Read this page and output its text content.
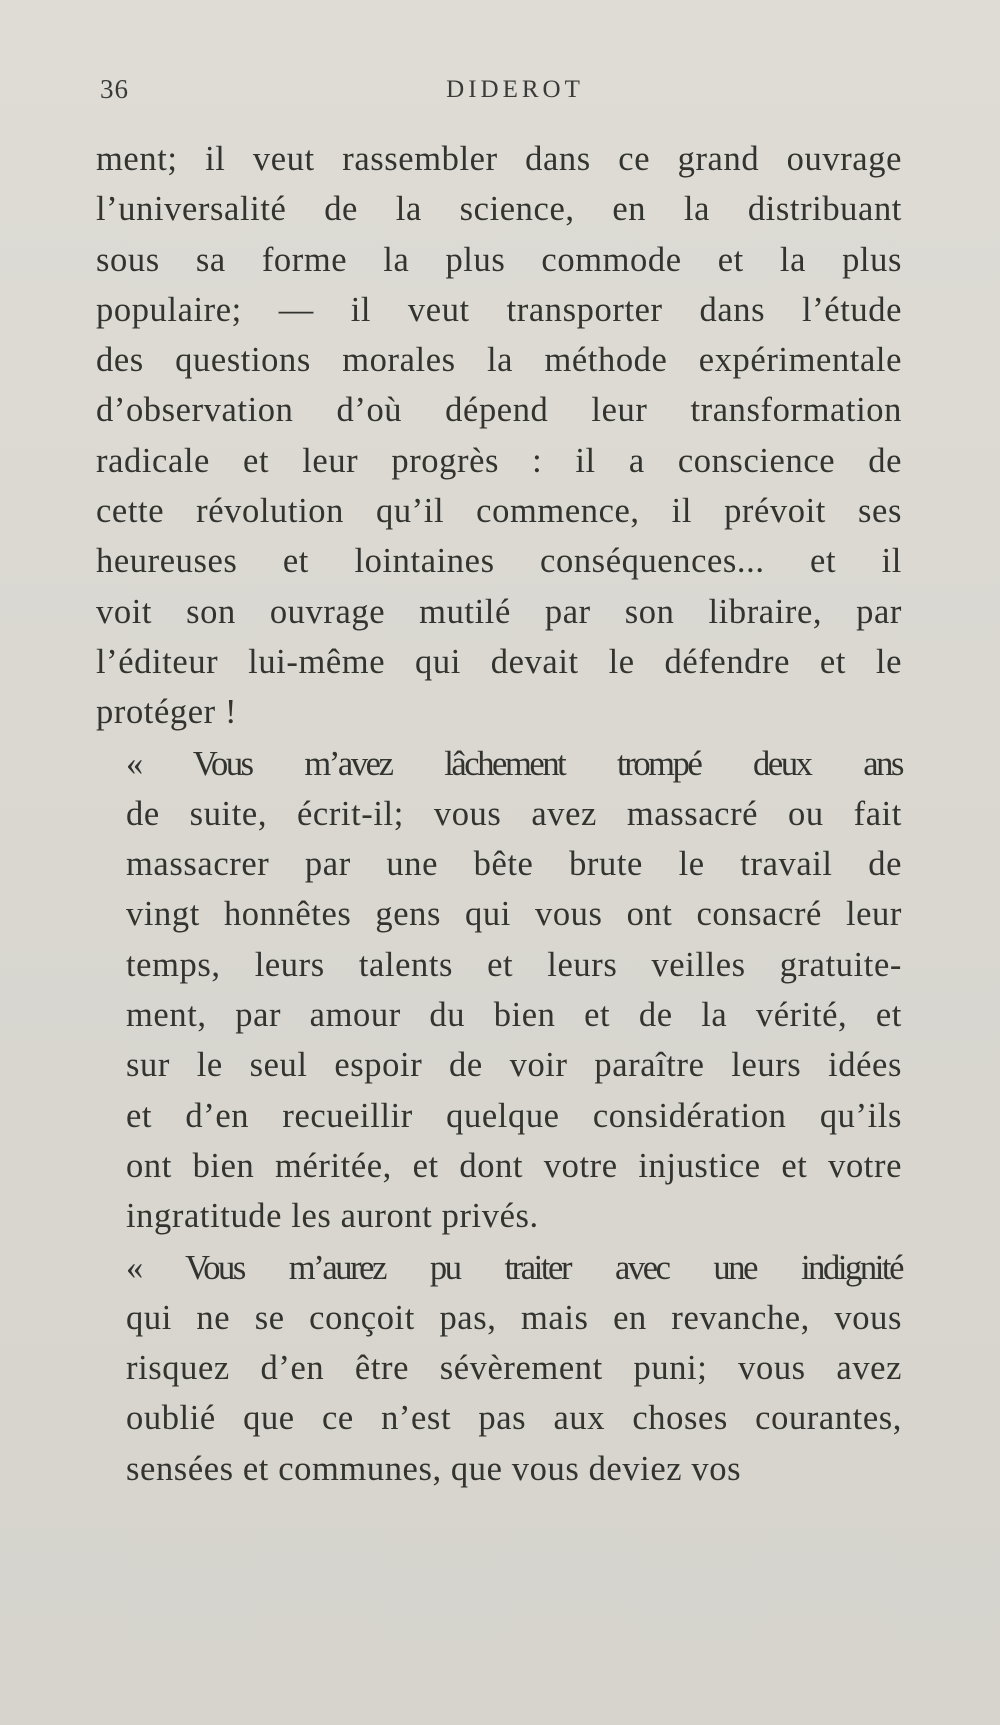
36	DIDEROT
ment; il veut rassembler dans ce grand ouvrage
l’universalité de la science, en la distribuant
sous sa forme la plus commode et la plus
populaire; — il veut transporter dans l’étude
des questions morales la méthode expérimentale
d’observation d’où dépend leur transformation
radicale et leur progrès : il a conscience de
cette révolution qu’il commence, il prévoit ses
heureuses et lointaines conséquences... et il
voit son ouvrage mutilé par son libraire, par
l’éditeur lui-même qui devait le défendre et le
protéger !
« Vous m’avez lâchement trompé deux ans
de suite, écrit-il; vous avez massacré ou fait
massacrer par une bête brute le travail de
vingt honnêtes gens qui vous ont consacré leur
temps, leurs talents et leurs veilles gratuite-
ment, par amour du bien et de la vérité, et
sur le seul espoir de voir paraître leurs idées
et d’en recueillir quelque considération qu’ils
ont bien méritée, et dont votre injustice et votre
ingratitude les auront privés.
« Vous m’aurez pu traiter avec une indignité
qui ne se conçoit pas, mais en revanche, vous
risquez d’en être sévèrement puni; vous avez
oublié que ce n’est pas aux choses courantes,
sensées et communes, que vous deviez vos
